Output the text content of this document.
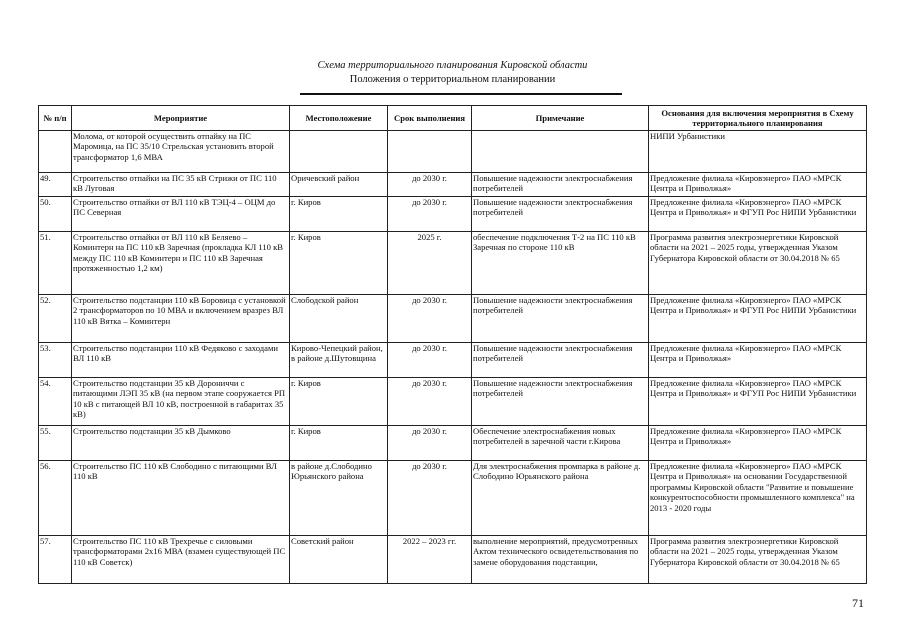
Схема территориального планирования Кировской области
Положения о территориальном планировании
№ п/п	Мероприятие	Местоположение	Срок выполнения	Примечание	Основания для включения мероприятия в Схему территориального планирования
	Моломa, от которой осуществить отпайку на ПС Маромица, на ПС 35/10 Стрельская установить второй трансформатор 1,6 МВА				НИПИ Урбанистики
49.	Строительство отпайки на ПС 35 кВ Стрижи от ПС 110 кВ Луговая	Оричевский район	до 2030 г.	Повышение надежности электроснабжения потребителей	Предложение филиала «Кировэнерго» ПАО «МРСК Центра и Приволжья»
50.	Строительство отпайки от ВЛ 110 кВ ТЭЦ-4 – ОЦМ до ПС Северная	г. Киров	до 2030 г.	Повышение надежности электроснабжения потребителей	Предложение филиала «Кировэнерго» ПАО «МРСК Центра и Приволжья» и ФГУП Рос НИПИ Урбанистики
51.	Строительство отпайки от ВЛ 110 кВ Беляево – Коминтерн на ПС 110 кВ Заречная (прокладка КЛ 110 кВ между ПС 110 кВ Коминтерн и ПС 110 кВ Заречная протяженностью 1,2 км)	г. Киров	2025 г.	обеспечение подключения Т-2 на ПС 110 кВ Заречная по стороне 110 кВ	Программа развития электроэнергетики Кировской области на 2021 – 2025 годы, утвержденная Указом Губернатора Кировской области от 30.04.2018 № 65
52.	Строительство подстанции 110 кВ Боровица с установкой 2 трансформаторов по 10 МВА и включением вразрез ВЛ 110 кВ Вятка – Коминтерн	Слободской район	до 2030 г.	Повышение надежности электроснабжения потребителей	Предложение филиала «Кировэнерго» ПАО «МРСК Центра и Приволжья» и ФГУП Рос НИПИ Урбанистики
53.	Строительство подстанции 110 кВ Федяково с заходами ВЛ 110 кВ	Кирово-Чепецкий район, в районе д.Шутовщина	до 2030 г.	Повышение надежности электроснабжения потребителей	Предложение филиала «Кировэнерго» ПАО «МРСК Центра и Приволжья»
54.	Строительство подстанции 35 кВ Дорониччи с питающими ЛЭП 35 кВ (на первом этапе сооружается РП 10 кВ с питающей ВЛ 10 кВ, построенной в габаритах 35 кВ)	г. Киров	до 2030 г.	Повышение надежности электроснабжения потребителей	Предложение филиала «Кировэнерго» ПАО «МРСК Центра и Приволжья» и ФГУП Рос НИПИ Урбанистики
55.	Строительство подстанции 35 кВ Дымково	г. Киров	до 2030 г.	Обеспечение электроснабжения новых потребителей в заречной части г.Кирова	Предложение филиала «Кировэнерго» ПАО «МРСК Центра и Приволжья»
56.	Строительство ПС 110 кВ Слободино с питающими ВЛ 110 кВ	в районе д.Слободино Юрьянского района	до 2030 г.	Для электроснабжения промпарка в районе д. Слободино Юрьянского района	Предложение филиала «Кировэнерго» ПАО «МРСК Центра и Приволжья» на основании Государственной программы Кировской области "Развитие и повышение конкурентоспособности промышленного комплекса" на 2013 - 2020 годы
57.	Строительство ПС 110 кВ Трехречье с силовыми трансформаторами 2х16 МВА (взамен существующей ПС 110 кВ Советск)	Советский район	2022 – 2023 гг.	выполнение мероприятий, предусмотренных Актом технического освидетельствования по замене оборудования подстанции,	Программа развития электроэнергетики Кировской области на 2021 – 2025 годы, утвержденная Указом Губернатора Кировской области от 30.04.2018 № 65
71
